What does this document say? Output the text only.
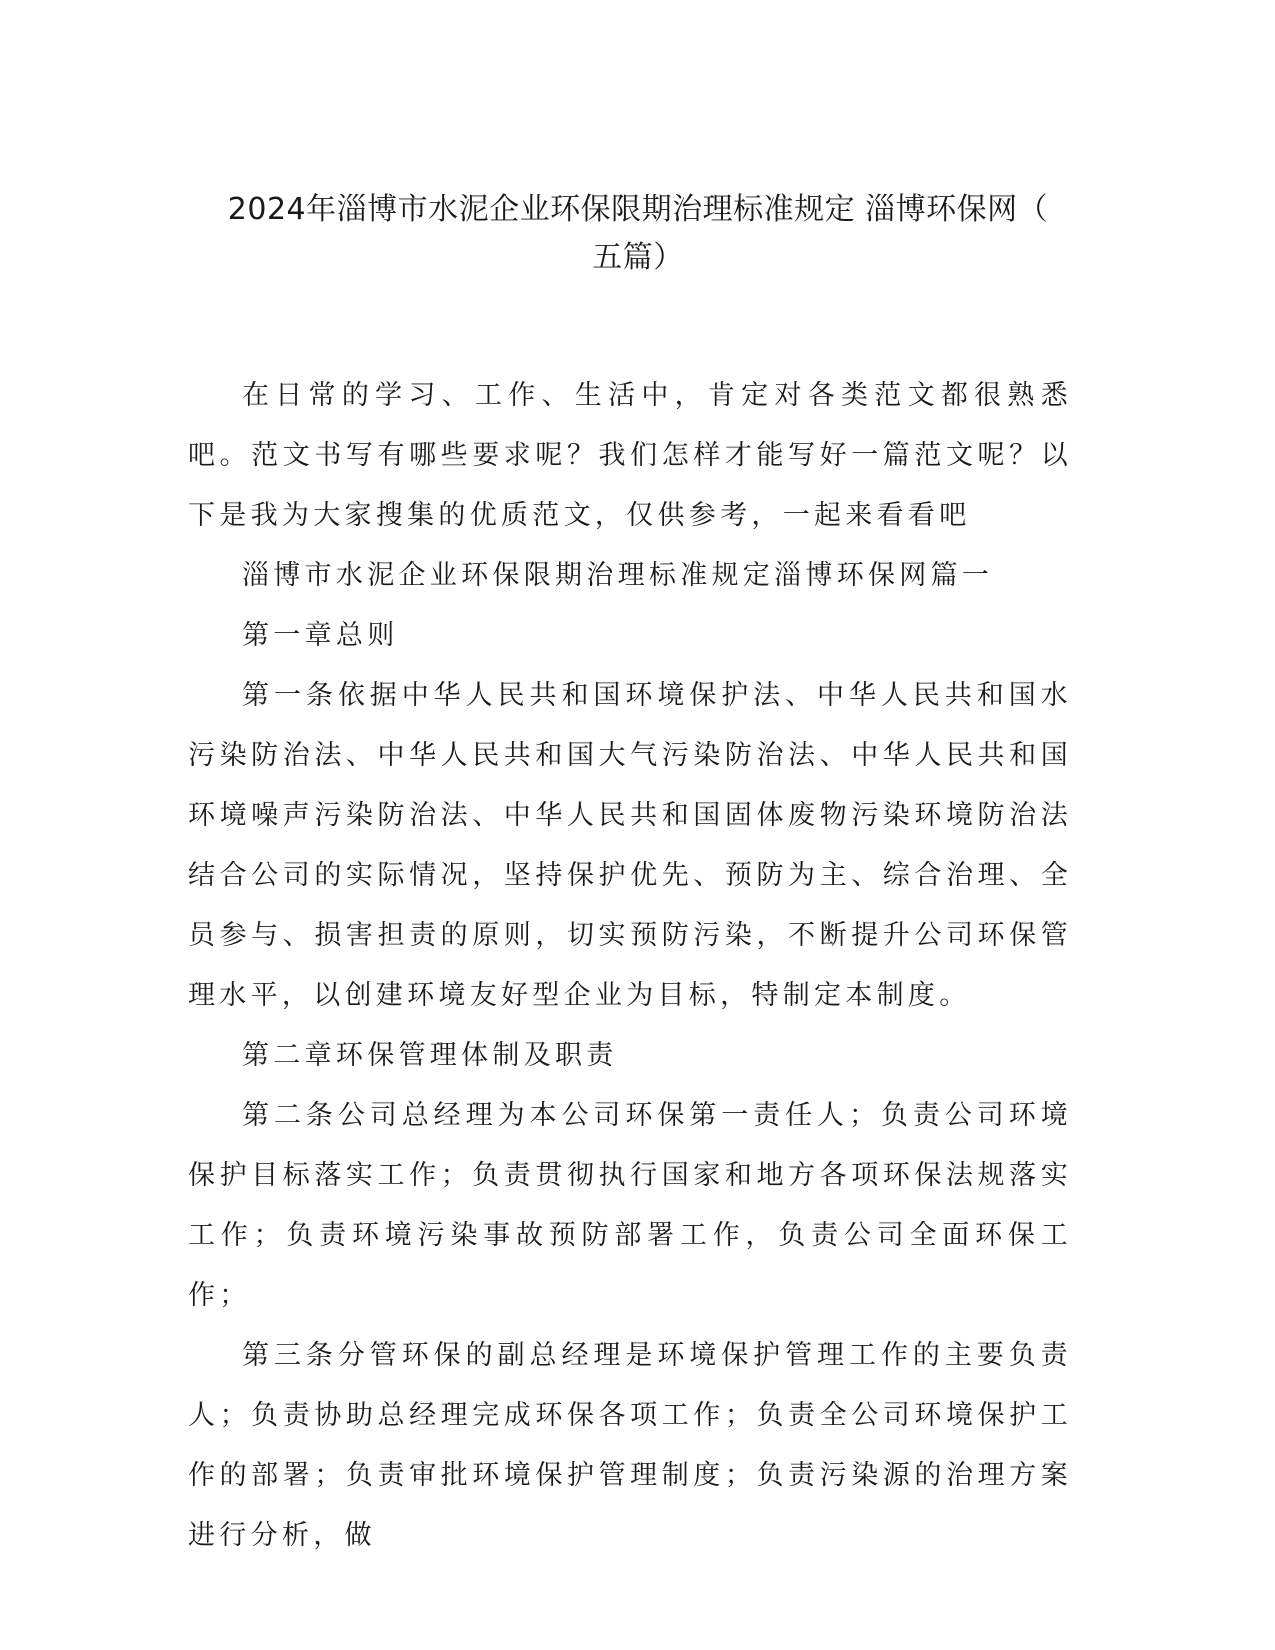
2024年淄博市水泥企业环保限期治理标准规定 淄博环保网（
五篇）

在日常的学习、工作、生活中，肯定对各类范文都很熟悉吧。范文书写有哪些要求呢？我们怎样才能写好一篇范文呢？以下是我为大家搜集的优质范文，仅供参考，一起来看看吧

淄博市水泥企业环保限期治理标准规定淄博环保网篇一

第一章总则

第一条依据中华人民共和国环境保护法、中华人民共和国水污染防治法、中华人民共和国大气污染防治法、中华人民共和国环境噪声污染防治法、中华人民共和国固体废物污染环境防治法结合公司的实际情况，坚持保护优先、预防为主、综合治理、全员参与、损害担责的原则，切实预防污染，不断提升公司环保管理水平，以创建环境友好型企业为目标，特制定本制度。

第二章环保管理体制及职责

第二条公司总经理为本公司环保第一责任人；负责公司环境保护目标落实工作；负责贯彻执行国家和地方各项环保法规落实工作；负责环境污染事故预防部署工作，负责公司全面环保工作；

第三条分管环保的副总经理是环境保护管理工作的主要负责人；负责协助总经理完成环保各项工作；负责全公司环境保护工作的部署；负责审批环境保护管理制度；负责污染源的治理方案进行分析，做
